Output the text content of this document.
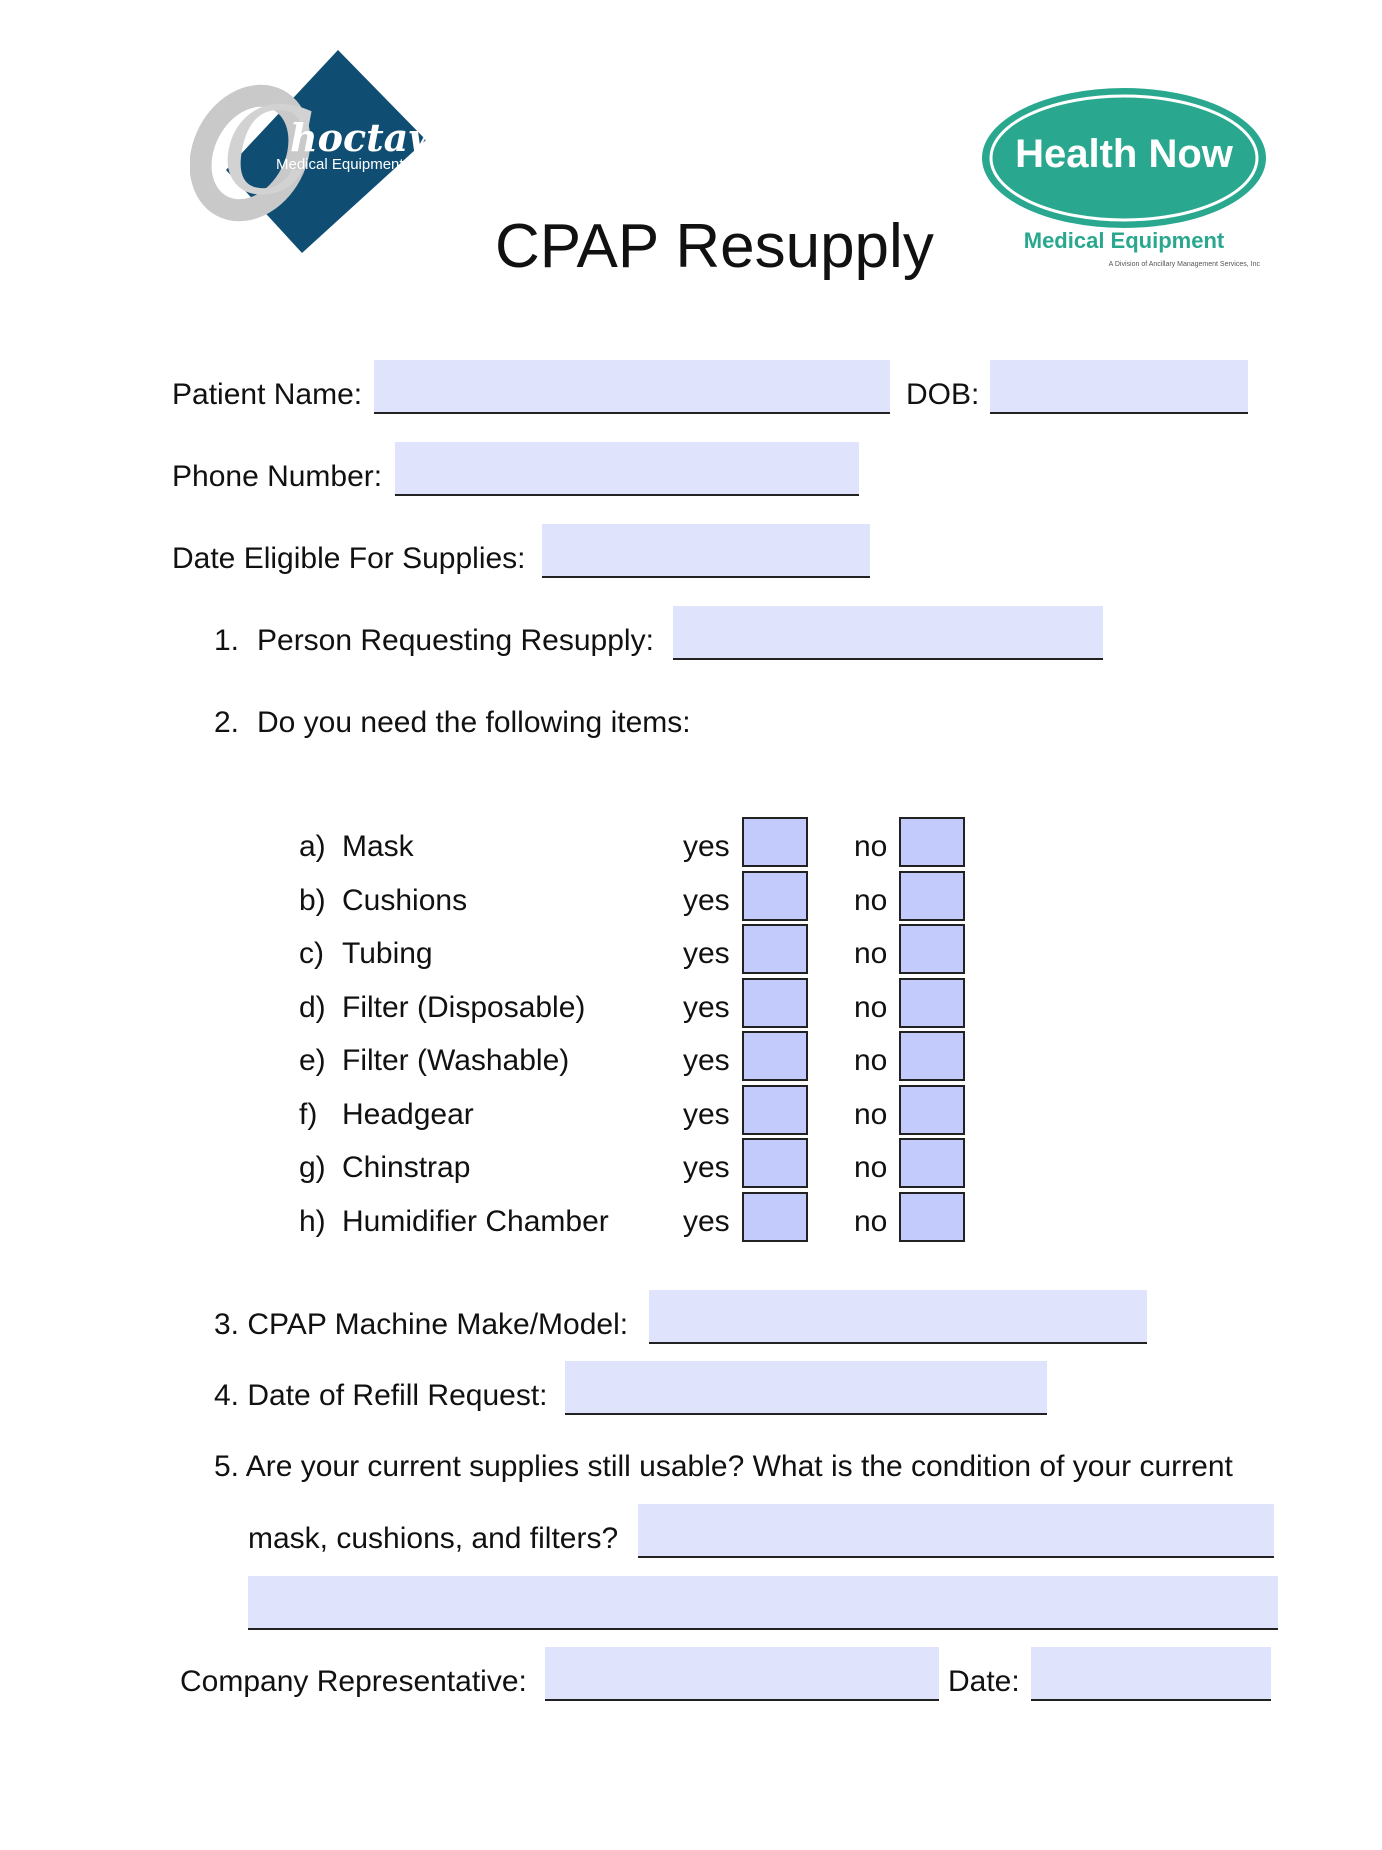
C
hoctaw
Medical Equipment	Health Now
Medical Equipment
A Division of Ancillary Management Services, Inc
CPAP Resupply
Patient Name:	DOB:
Phone Number:
Date Eligible For Supplies:
1. Person Requesting Resupply:
2. Do you need the following items:
a) Mask	yes	no
b) Cushions	yes	no
c) Tubing	yes	no
d) Filter (Disposable)	yes	no
e) Filter (Washable)	yes	no
f) Headgear	yes	no
g) Chinstrap	yes	no
h) Humidifier Chamber yes	no
3. CPAP Machine Make/Model:
4. Date of Refill Request:
5. Are your current supplies still usable? What is the condition of your current
mask, cushions, and filters?
Company Representative:	Date:
